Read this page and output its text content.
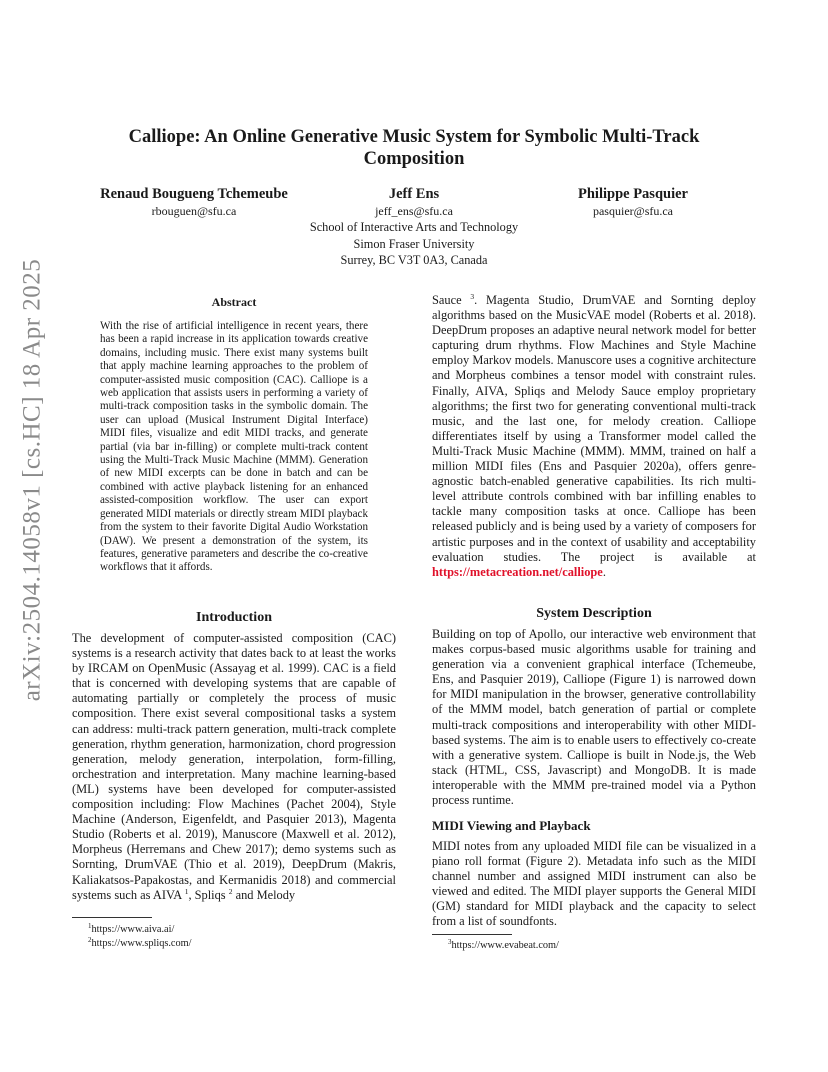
arXiv:2504.14058v1 [cs.HC] 18 Apr 2025
Calliope: An Online Generative Music System for Symbolic Multi-Track
Composition
Renaud Bougueng Tchemeube
rbouguen@sfu.ca
Jeff Ens
jeff_ens@sfu.ca
Philippe Pasquier
pasquier@sfu.ca
School of Interactive Arts and Technology
Simon Fraser University
Surrey, BC V3T 0A3, Canada
Abstract
With the rise of artificial intelligence in recent years, there has been a rapid increase in its application towards creative domains, including music. There exist many systems built that apply machine learning approaches to the problem of computer-assisted music composition (CAC). Calliope is a web application that assists users in performing a variety of multi-track composition tasks in the symbolic domain. The user can upload (Musical Instrument Digital Interface) MIDI files, visualize and edit MIDI tracks, and generate partial (via bar in-filling) or complete multi-track content using the Multi-Track Music Machine (MMM). Generation of new MIDI excerpts can be done in batch and can be combined with active playback listening for an enhanced assisted-composition workflow. The user can export generated MIDI materials or directly stream MIDI playback from the system to their favorite Digital Audio Workstation (DAW). We present a demonstration of the system, its features, generative parameters and describe the co-creative workflows that it affords.
Introduction

The development of computer-assisted composition (CAC) systems is a research activity that dates back to at least the works by IRCAM on OpenMusic (Assayag et al. 1999). CAC is a field that is concerned with developing systems that are capable of automating partially or completely the process of music composition. There exist several compositional tasks a system can address: multi-track pattern generation, multi-track complete generation, rhythm generation, harmonization, chord progression generation, melody generation, interpolation, form-filling, orchestration and interpretation. Many machine learning-based (ML) systems have been developed for computer-assisted composition including: Flow Machines (Pachet 2004), Style Machine (Anderson, Eigenfeldt, and Pasquier 2013), Magenta Studio (Roberts et al. 2019), Manuscore (Maxwell et al. 2012), Morpheus (Herremans and Chew 2017); demo systems such as Sornting, DrumVAE (Thio et al. 2019), DeepDrum (Makris, Kaliakatsos-Papakostas, and Kermanidis 2018) and commercial systems such as AIVA $^1$, Spliqs $^2$ and Melody

$^1$https://www.aiva.ai/
$^2$https://www.spliqs.com/

Sauce $^3$. Magenta Studio, DrumVAE and Sornting deploy algorithms based on the MusicVAE model (Roberts et al. 2018). DeepDrum proposes an adaptive neural network model for better capturing drum rhythms. Flow Machines and Style Machine employ Markov models. Manuscore uses a cognitive architecture and Morpheus combines a tensor model with constraint rules. Finally, AIVA, Spliqs and Melody Sauce employ proprietary algorithms; the first two for generating conventional multi-track music, and the last one, for melody creation. Calliope differentiates itself by using a Transformer model called the Multi-Track Music Machine (MMM). MMM, trained on half a million MIDI files (Ens and Pasquier 2020a), offers genre-agnostic batch-enabled generative capabilities. Its rich multi-level attribute controls combined with bar infilling enables to tackle many composition tasks at once. Calliope has been released publicly and is being used by a variety of composers for artistic purposes and in the context of usability and acceptability evaluation studies. The project is available at https://metacreation.net/calliope.

System Description
Building on top of Apollo, our interactive web environment that makes corpus-based music algorithms usable for training and generation via a convenient graphical interface (Tchemeube, Ens, and Pasquier 2019), Calliope (Figure 1) is narrowed down for MIDI manipulation in the browser, generative controllability of the MMM model, batch generation of partial or complete multi-track compositions and interoperability with other MIDI-based systems. The aim is to enable users to effectively co-create with a generative system. Calliope is built in Node.js, the Web stack (HTML, CSS, Javascript) and MongoDB. It is made interoperable with the MMM pre-trained model via a Python process runtime.
MIDI Viewing and Playback
MIDI notes from any uploaded MIDI file can be visualized in a piano roll format (Figure 2). Metadata info such as the MIDI channel number and assigned MIDI instrument can also be viewed and edited. The MIDI player supports the General MIDI (GM) standard for MIDI playback and the capacity to select from a list of soundfonts.
$^3$https://www.evabeat.com/
